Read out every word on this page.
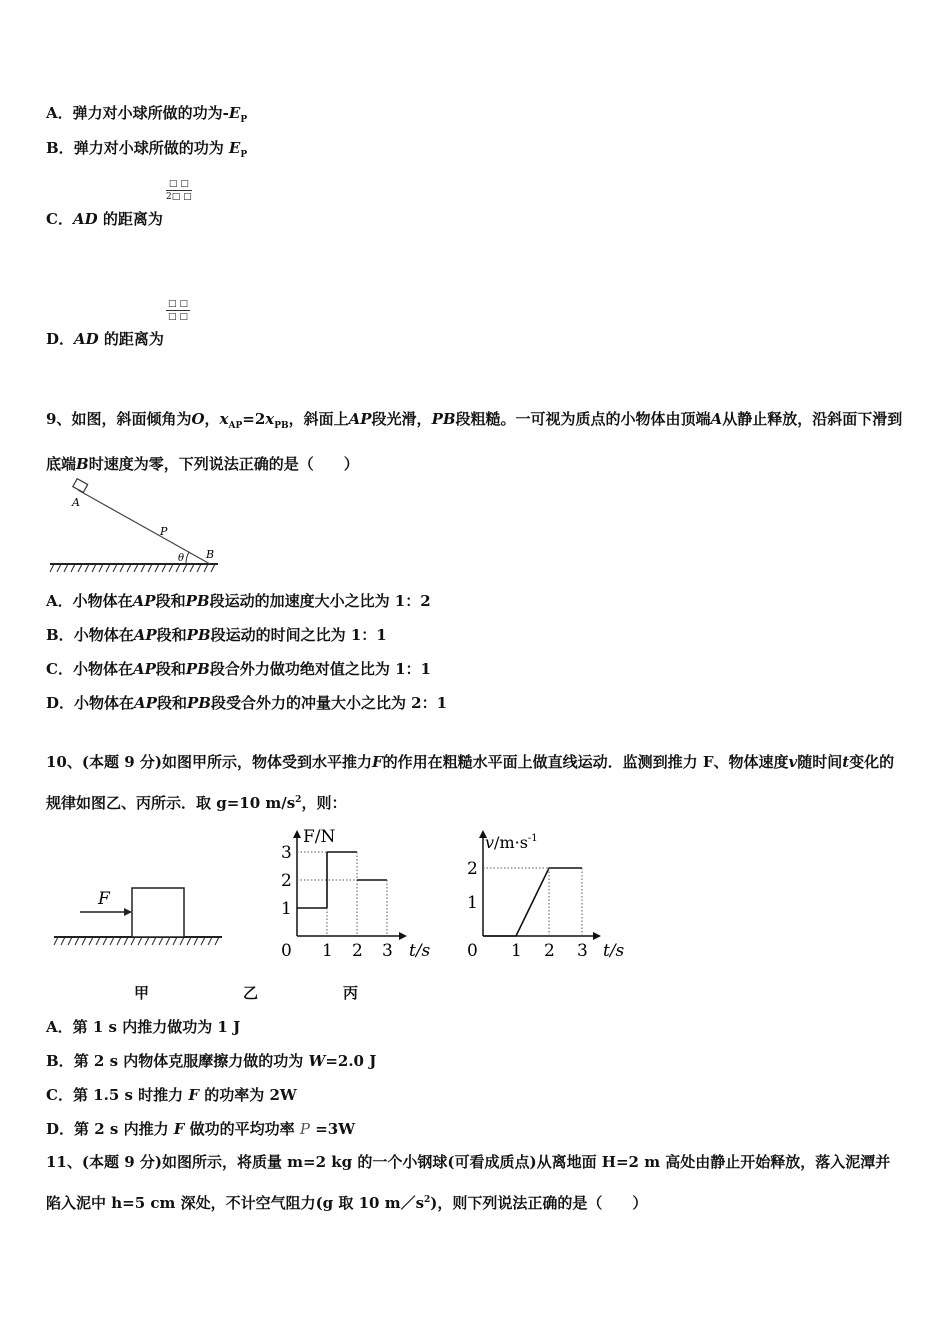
A．弹力对小球所做的功为$-E_P$
B．弹力对小球所做的功为 $E_P$
□ □
2□ □
C．AD 的距离为
□ □
□ □
D．AD 的距离为
9、如图，斜面倾角为O，$x_{AP}=2x_{PB}$，斜面上AP段光滑，PB段粗糙。一可视为质点的小物体由顶端A从静止释放，沿斜面下滑到底端B时速度为零，下列说法正确的是（　　）
A
P
θ B
A．小物体在AP段和PB段运动的加速度大小之比为 1：2
B．小物体在AP段和PB段运动的时间之比为 1：1
C．小物体在AP段和PB段合外力做功绝对值之比为 1：1
D．小物体在AP段和PB段受合外力的冲量大小之比为 2：1
10、(本题 9 分)如图甲所示，物体受到水平推力F的作用在粗糙水平面上做直线运动．监测到推力 F、物体速度v随时间t变化的规律如图乙、丙所示．取 g=10 $m/s^2$，则：
F
0 1 2 3 t/s
1
2
3
F/N
0 1 2 3 t/s
1
2
$v/m\cdot s^{-1}$
甲	乙	丙
A．第 1 s 内推力做功为 1 J
B．第 2 s 内物体克服摩擦力做的功为 W=2.0 J
C．第 1.5 s 时推力 F 的功率为 2W
D．第 2 s 内推力 F 做功的平均功率 P =3W
11、(本题 9 分)如图所示，将质量 m=2 kg 的一个小钢球(可看成质点)从离地面 H=2 m 高处由静止开始释放，落入泥潭并陷入泥中 h=5 cm 深处，不计空气阻力(g 取 10 $m/s^2$)，则下列说法正确的是（　　）
